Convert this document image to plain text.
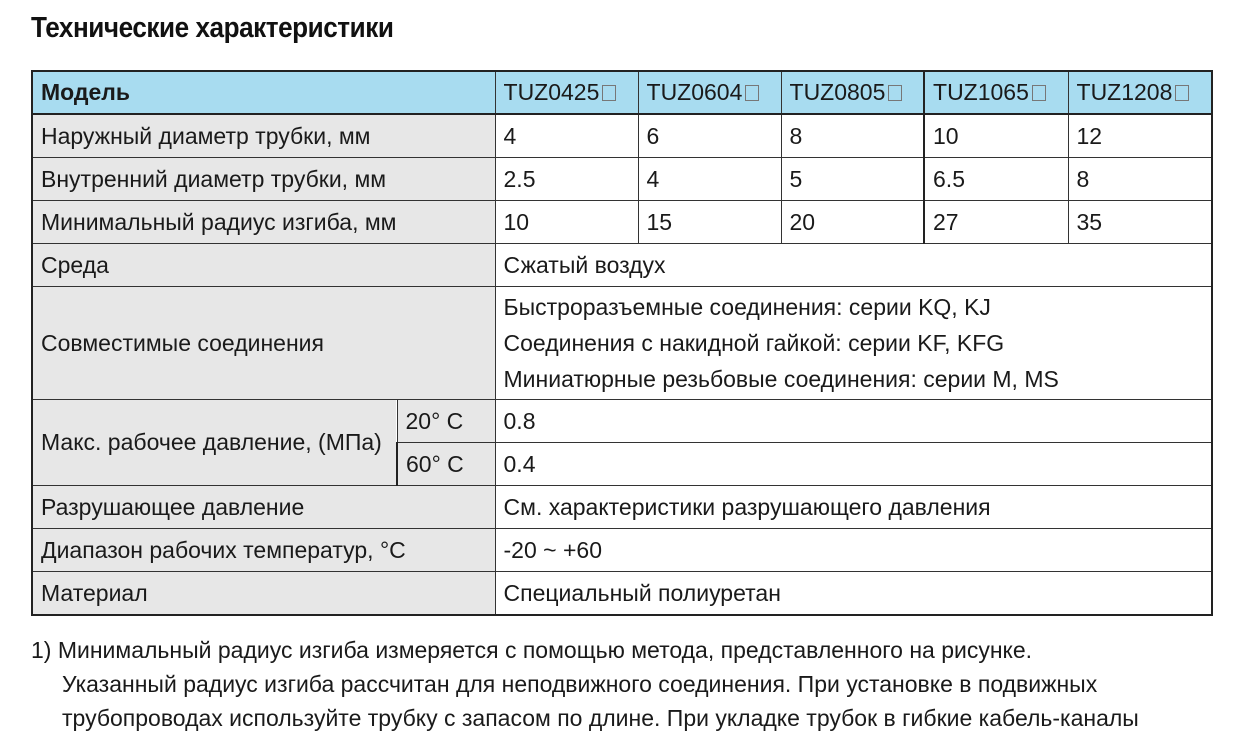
Технические характеристики
Модель		TUZ0425	TUZ0604	TUZ0805	TUZ1065	TUZ1208
Наружный диаметр трубки, мм		4	6	8	10	12
Внутренний диаметр трубки, мм		2.5	4	5	6.5	8
Минимальный радиус изгиба, мм		10	15	20	27	35
Среда		Сжатый воздух				
Совместимые соединения		Быстроразъемные соединения: серии KQ, KJ
Соединения с накидной гайкой: серии KF, KFG
Миниатюрные резьбовые соединения: серии M, MS				

Макс. рабочее давление, (МПа)	20° C	0.8				
	60° C	0.4				
Разрушающее давление		См. характеристики разрушающего давления				
Диапазон рабочих температур, °C		-20 ~ +60				
Материал		Специальный полиуретан				
1) Минимальный радиус изгиба измеряется с помощью метода, представленного на рисунке.
Указанный радиус изгиба рассчитан для неподвижного соединения. При установке в подвижных
трубопроводах используйте трубку с запасом по длине. При укладке трубок в гибкие кабель-каналы
